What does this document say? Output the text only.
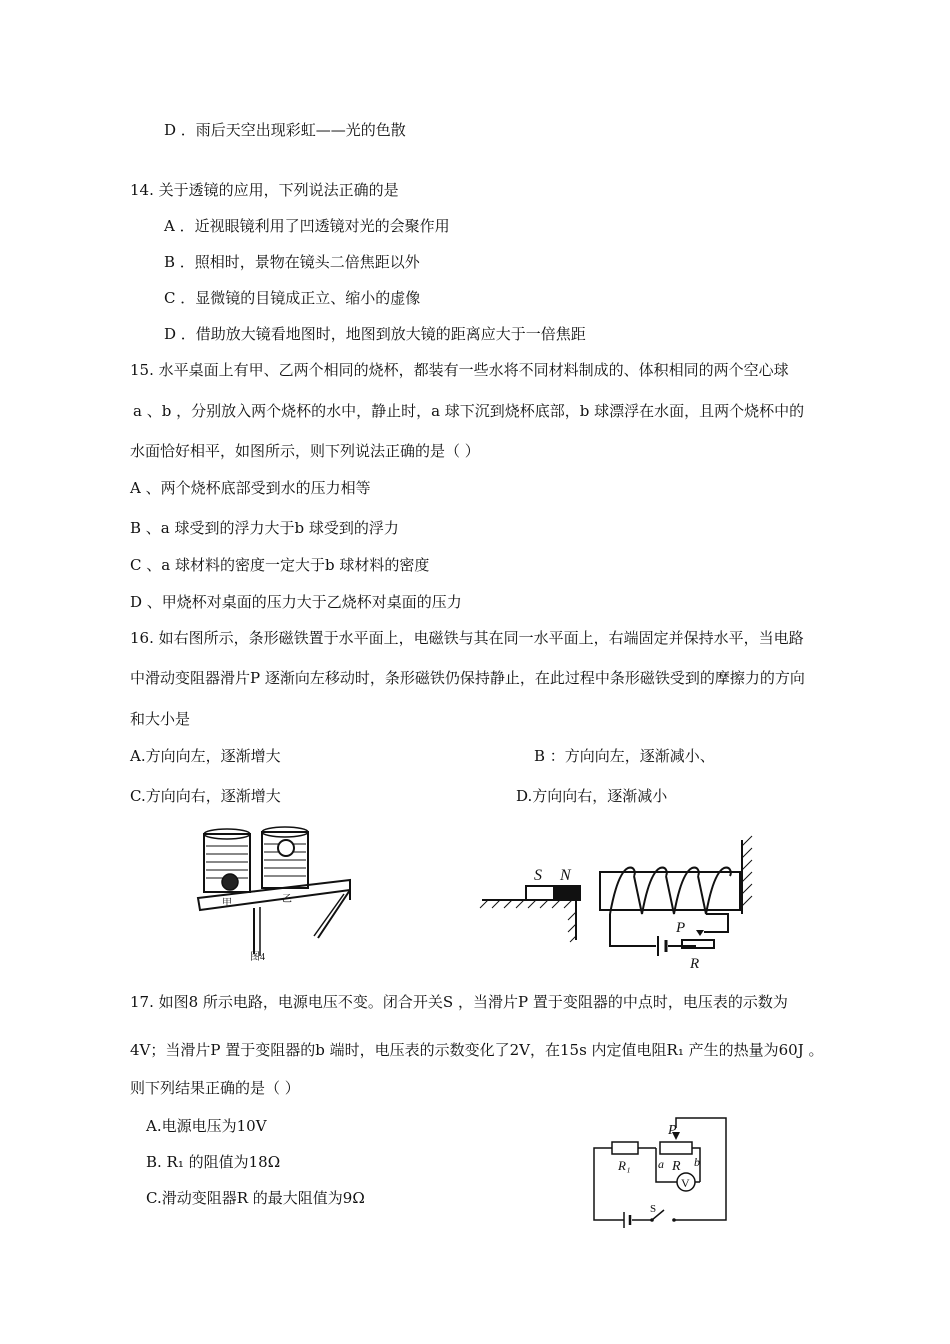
D ．雨后天空出现彩虹——光的色散
14. 关于透镜的应用，下列说法正确的是
A ．近视眼镜利用了凹透镜对光的会聚作用
B ．照相时，景物在镜头二倍焦距以外
C ．显微镜的目镜成正立、缩小的虚像
D ．借助放大镜看地图时，地图到放大镜的距离应大于一倍焦距
15. 水平桌面上有甲、乙两个相同的烧杯，都装有一些水将不同材料制成的、体积相同的两个空心球
a 、b ，分别放入两个烧杯的水中，静止时，a 球下沉到烧杯底部，b 球漂浮在水面，且两个烧杯中的
水面恰好相平，如图所示，则下列说法正确的是（ ）
A 、两个烧杯底部受到水的压力相等
B 、a 球受到的浮力大于b 球受到的浮力
C 、a 球材料的密度一定大于b 球材料的密度
D 、甲烧杯对桌面的压力大于乙烧杯对桌面的压力
16. 如右图所示，条形磁铁置于水平面上，电磁铁与其在同一水平面上，右端固定并保持水平，当电路
中滑动变阻器滑片P 逐渐向左移动时，条形磁铁仍保持静止，在此过程中条形磁铁受到的摩擦力的方向
和大小是
A.方向向左，逐渐增大	B ：方向向左，逐渐减小、
C.方向向右，逐渐增大	D.方向向右，逐渐减小
甲	乙
图4
S N
P
R
17. 如图8 所示电路，电源电压不变。闭合开关S ，当滑片P 置于变阻器的中点时，电压表的示数为
4V；当滑片P 置于变阻器的b 端时，电压表的示数变化了2V，在15s 内定值电阻R₁ 产生的热量为60J 。
则下列结果正确的是（ ）
A.电源电压为10V
B. R₁ 的阻值为18Ω
C.滑动变阻器R 的最大阻值为9Ω
P
R₁ a R b
V
S
